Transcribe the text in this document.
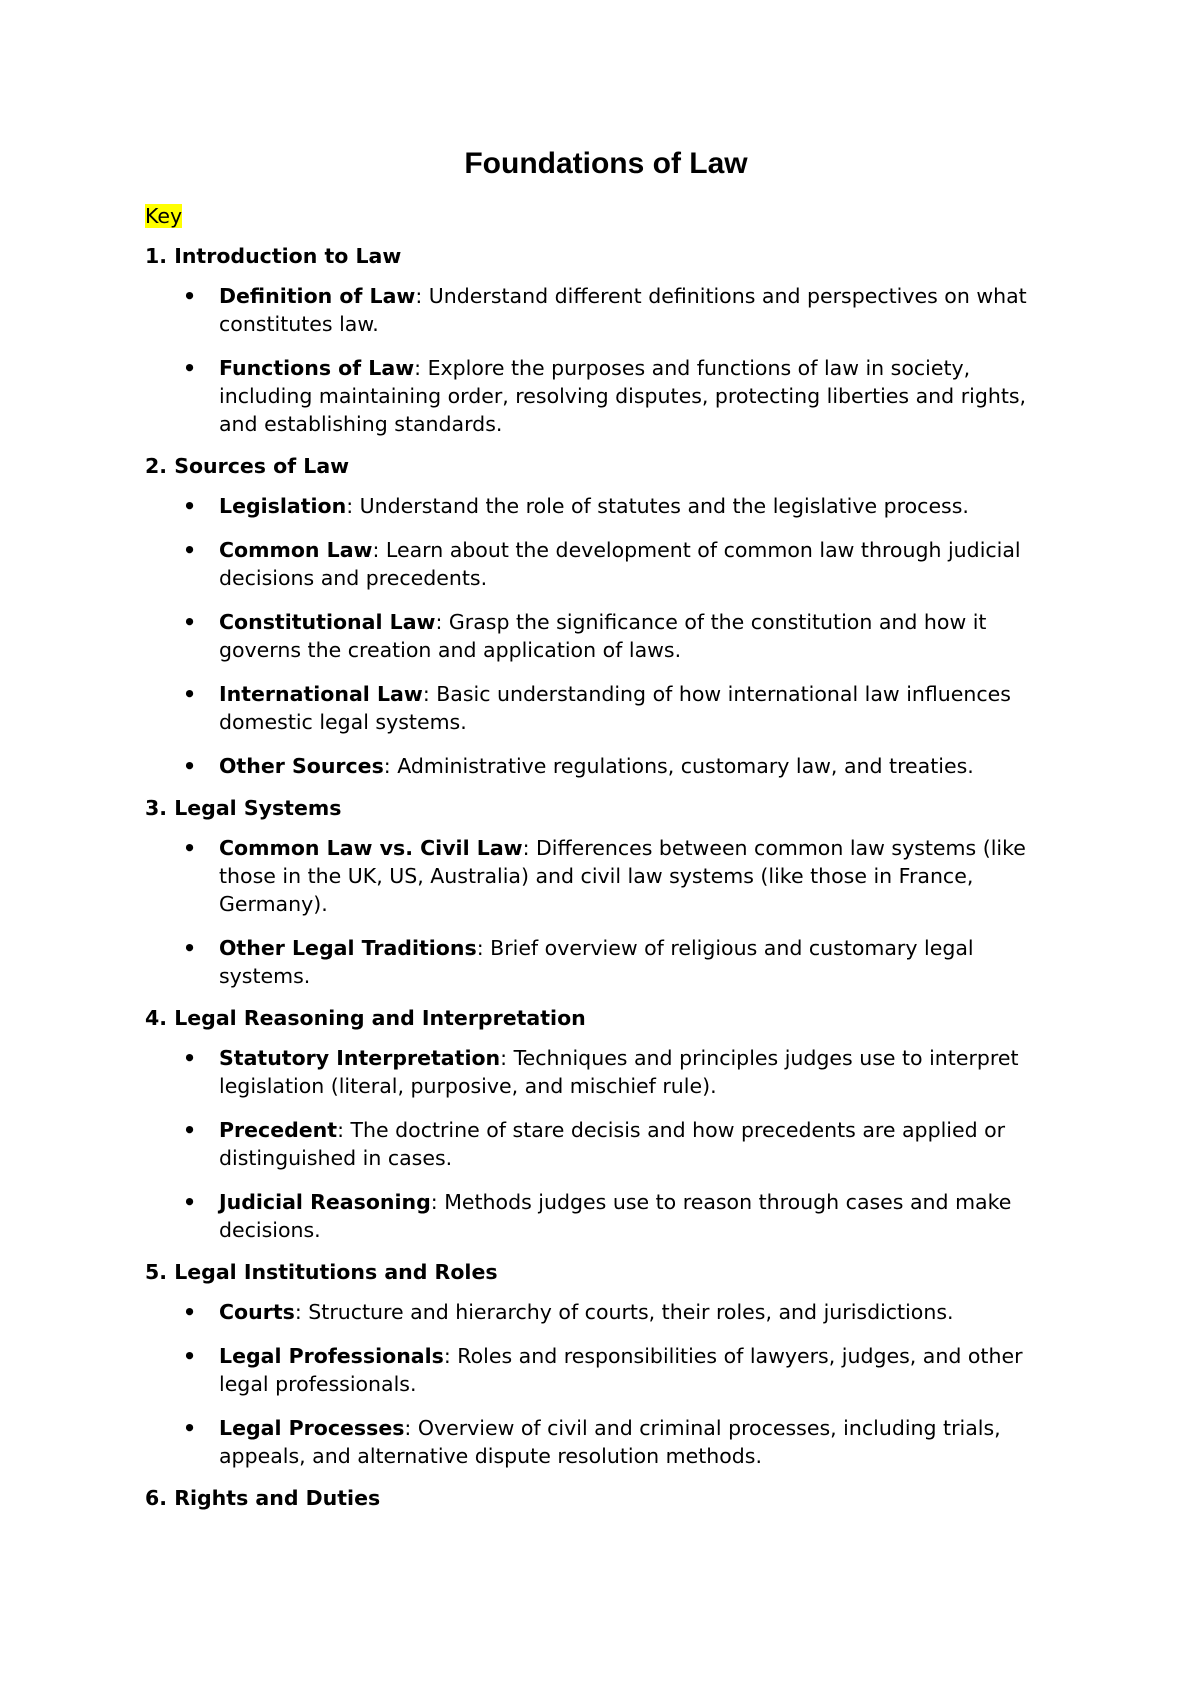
Foundations of Law
Key
1. Introduction to Law
• Definition of Law: Understand different definitions and perspectives on what constitutes law.
• Functions of Law: Explore the purposes and functions of law in society, including maintaining order, resolving disputes, protecting liberties and rights, and establishing standards.
2. Sources of Law
• Legislation: Understand the role of statutes and the legislative process.
• Common Law: Learn about the development of common law through judicial decisions and precedents.
• Constitutional Law: Grasp the significance of the constitution and how it governs the creation and application of laws.
• International Law: Basic understanding of how international law influences domestic legal systems.
• Other Sources: Administrative regulations, customary law, and treaties.
3. Legal Systems
• Common Law vs. Civil Law: Differences between common law systems (like those in the UK, US, Australia) and civil law systems (like those in France, Germany).
• Other Legal Traditions: Brief overview of religious and customary legal systems.
4. Legal Reasoning and Interpretation
• Statutory Interpretation: Techniques and principles judges use to interpret legislation (literal, purposive, and mischief rule).
• Precedent: The doctrine of stare decisis and how precedents are applied or distinguished in cases.
• Judicial Reasoning: Methods judges use to reason through cases and make decisions.
5. Legal Institutions and Roles
• Courts: Structure and hierarchy of courts, their roles, and jurisdictions.
• Legal Professionals: Roles and responsibilities of lawyers, judges, and other legal professionals.
• Legal Processes: Overview of civil and criminal processes, including trials, appeals, and alternative dispute resolution methods.
6. Rights and Duties
